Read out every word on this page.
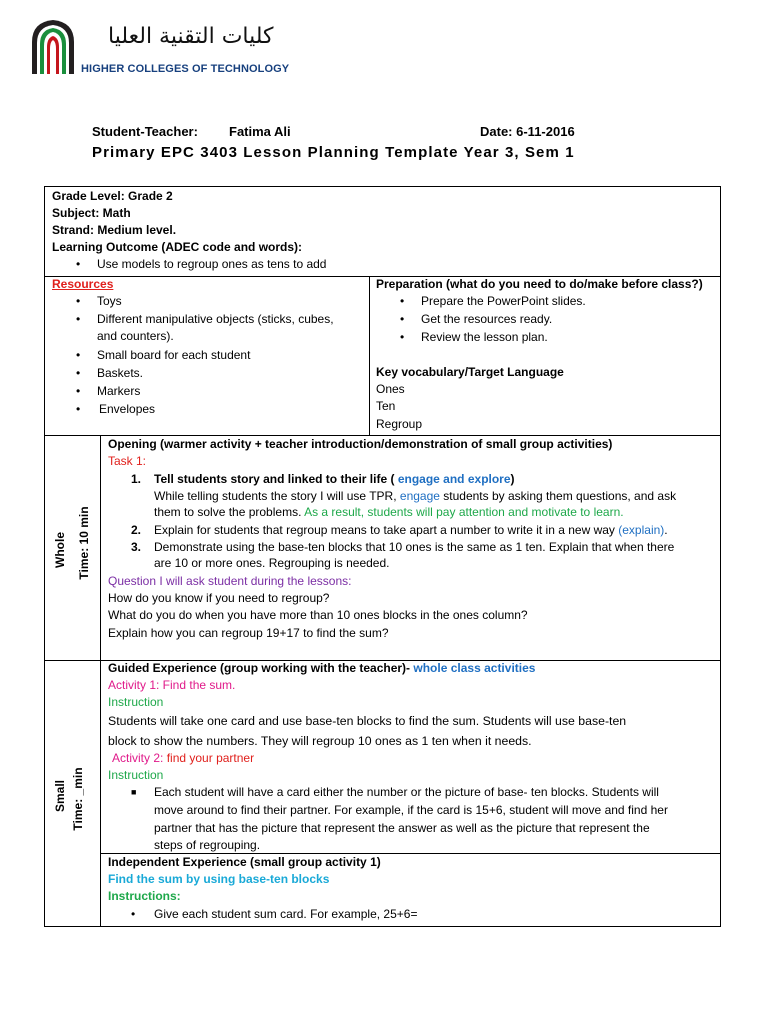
كليات التقنية العليا
HIGHER COLLEGES OF TECHNOLOGY
Student-Teacher: Fatima Ali	Date: 6-11-2016
Primary EPC 3403 Lesson Planning Template Year 3, Sem 1
Grade Level: Grade 2
Subject: Math
Strand: Medium level.
Learning Outcome (ADEC code and words):
• Use models to regroup ones as tens to add
Resources
• Toys
• Different manipulative objects (sticks, cubes,
and counters).
• Small board for each student
• Baskets.
• Markers
• Envelopes
Preparation (what do you need to do/make before class?)
• Prepare the PowerPoint slides.
• Get the resources ready.
• Review the lesson plan.
Key vocabulary/Target Language
Ones
Ten
Regroup
Whole Time: 10 min
Opening (warmer activity + teacher introduction/demonstration of small group activities)
Task 1:
1. Tell students story and linked to their life ( engage and explore)
While telling students the story I will use TPR, engage students by asking them questions, and ask
them to solve the problems. As a result, students will pay attention and motivate to learn.
2. Explain for students that regroup means to take apart a number to write it in a new way (explain).
3. Demonstrate using the base-ten blocks that 10 ones is the same as 1 ten. Explain that when there
are 10 or more ones. Regrouping is needed.
Question I will ask student during the lessons:
How do you know if you need to regroup?
What do you do when you have more than 10 ones blocks in the ones column?
Explain how you can regroup 19+17 to find the sum?
Small Time: _min
Guided Experience (group working with the teacher)- whole class activities
Activity 1: Find the sum.
Instruction
Students will take one card and use base-ten blocks to find the sum. Students will use base-ten
block to show the numbers. They will regroup 10 ones as 1 ten when it needs.
Activity 2: find your partner
Instruction
■ Each student will have a card either the number or the picture of base- ten blocks. Students will
move around to find their partner. For example, if the card is 15+6, student will move and find her
partner that has the picture that represent the answer as well as the picture that represent the
steps of regrouping.
Independent Experience (small group activity 1)
Find the sum by using base-ten blocks
Instructions:
• Give each student sum card. For example, 25+6=
